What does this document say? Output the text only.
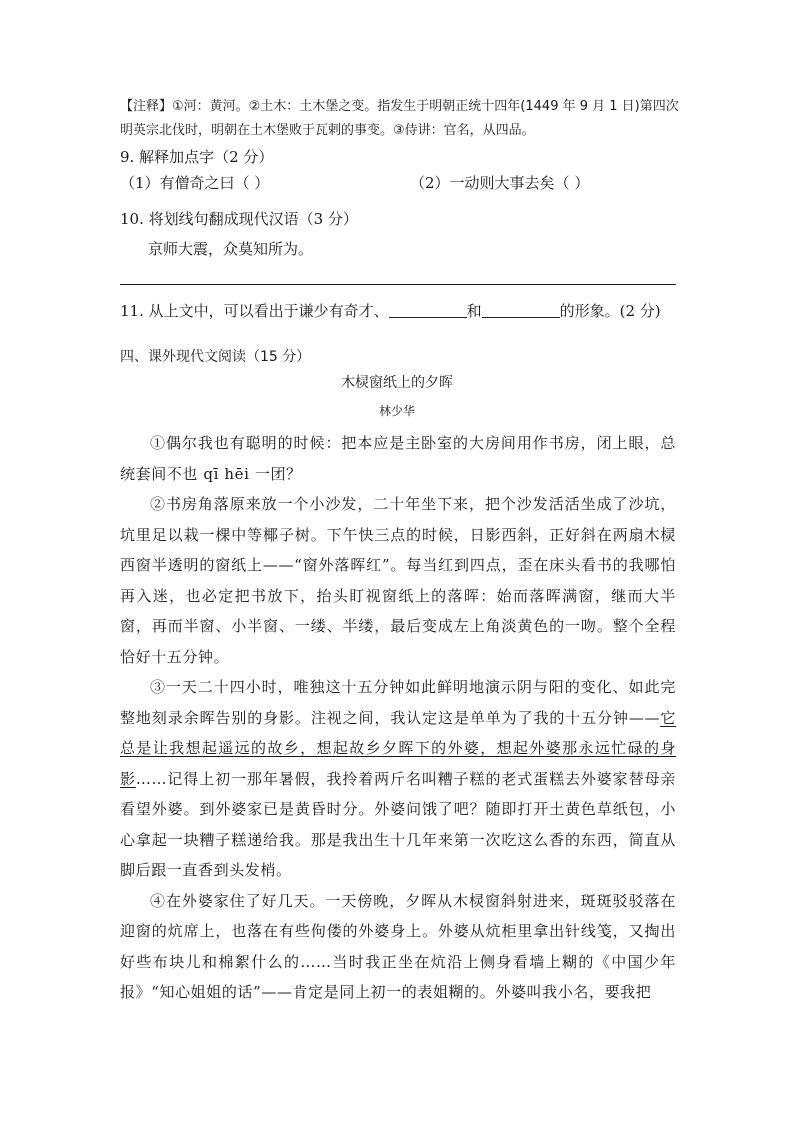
【注释】①河：黄河。②土木：土木堡之变。指发生于明朝正统十四年(1449 年 9 月 1 日)第四次明英宗北伐时，明朝在土木堡败于瓦剌的事变。③侍讲：官名，从四品。
9. 解释加点字（2 分）
（1）有僧奇之曰（ ）	（2）一动则大事去矣（ ）
10. 将划线句翻成现代汉语（3 分）
京师大震，众莫知所为。
11. 从上文中，可以看出于谦少有奇才、	和	的形象。(2 分)
四、课外现代文阅读（15 分）
木棂窗纸上的夕晖
林少华

①偶尔我也有聪明的时候：把本应是主卧室的大房间用作书房，闭上眼，总统套间不也 qī hēi 一团？

②书房角落原来放一个小沙发，二十年坐下来，把个沙发活活坐成了沙坑，坑里足以栽一棵中等椰子树。下午快三点的时候，日影西斜，正好斜在两扇木棂西窗半透明的窗纸上——“窗外落晖红”。每当红到四点，歪在床头看书的我哪怕再入迷，也必定把书放下，抬头盯视窗纸上的落晖：始而落晖满窗，继而大半窗，再而半窗、小半窗、一缕、半缕，最后变成左上角淡黄色的一吻。整个全程恰好十五分钟。

③一天二十四小时，唯独这十五分钟如此鲜明地演示阴与阳的变化、如此完整地刻录余晖告别的身影。注视之间，我认定这是单单为了我的十五分钟——它总是让我想起遥远的故乡，想起故乡夕晖下的外婆，想起外婆那永远忙碌的身影……记得上初一那年暑假，我拎着两斤名叫糟子糕的老式蛋糕去外婆家替母亲看望外婆。到外婆家已是黄昏时分。外婆问饿了吧？随即打开土黄色草纸包，小心拿起一块糟子糕递给我。那是我出生十几年来第一次吃这么香的东西，简直从脚后跟一直香到头发梢。

④在外婆家住了好几天。一天傍晚，夕晖从木棂窗斜射进来，斑斑驳驳落在迎窗的炕席上，也落在有些佝偻的外婆身上。外婆从炕柜里拿出针线笺，又掏出好些布块儿和棉絮什么的……当时我正坐在炕沿上侧身看墙上糊的《中国少年报》“知心姐姐的话”——肯定是同上初一的表姐糊的。外婆叫我小名，要我把
